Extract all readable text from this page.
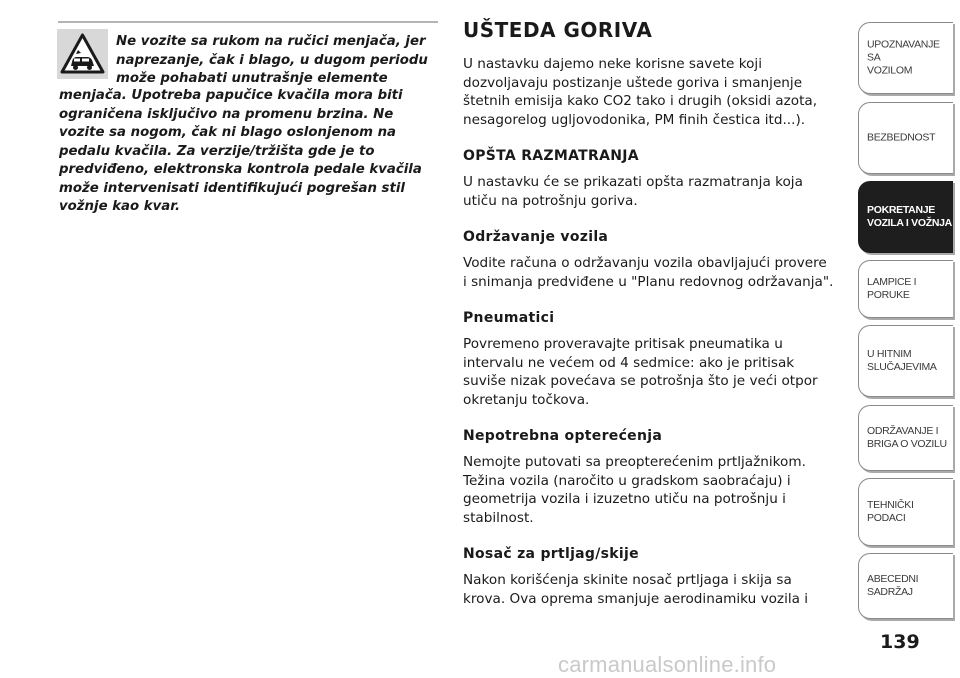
Ne vozite sa rukom na ručici menjača, jer
naprezanje, čak i blago, u dugom periodu
može pohabati unutrašnje elemente
menjača. Upotreba papučice kvačila mora biti
ograničena isključivo na promenu brzina. Ne
vozite sa nogom, čak ni blago oslonjenom na
pedalu kvačila. Za verzije/tržišta gde je to
predviđeno, elektronska kontrola pedale kvačila
može intervenisati identifikujući pogrešan stil
vožnje kao kvar.
UŠTEDA GORIVA
U nastavku dajemo neke korisne savete koji
dozvoljavaju postizanje uštede goriva i smanjenje
štetnih emisija kako CO2 tako i drugih (oksidi azota,
nesagorelog ugljovodonika, PM finih čestica itd...).
OPŠTA RAZMATRANJA
U nastavku će se prikazati opšta razmatranja koja
utiču na potrošnju goriva.
Održavanje vozila
Vodite računa o održavanju vozila obavljajući provere
i snimanja predviđene u "Planu redovnog održavanja".
Pneumatici
Povremeno proveravajte pritisak pneumatika u
intervalu ne većem od 4 sedmice: ako je pritisak
suviše nizak povećava se potrošnja što je veći otpor
okretanju točkova.
Nepotrebna opterećenja
Nemojte putovati sa preopterećenim prtljažnikom.
Težina vozila (naročito u gradskom saobraćaju) i
geometrija vozila i izuzetno utiču na potrošnju i
stabilnost.
Nosač za prtljag/skije
Nakon korišćenja skinite nosač prtljaga i skija sa
krova. Ova oprema smanjuje aerodinamiku vozila i
UPOZNAVANJE SA
VOZILOM
BEZBEDNOST
POKRETANJE
VOZILA I VOŽNJA
LAMPICE I PORUKE
U HITNIM
SLUČAJEVIMA
ODRŽAVANJE I
BRIGA O VOZILU
TEHNIČKI PODACI
ABECEDNI SADRŽAJ
139
carmanualsonline.info
